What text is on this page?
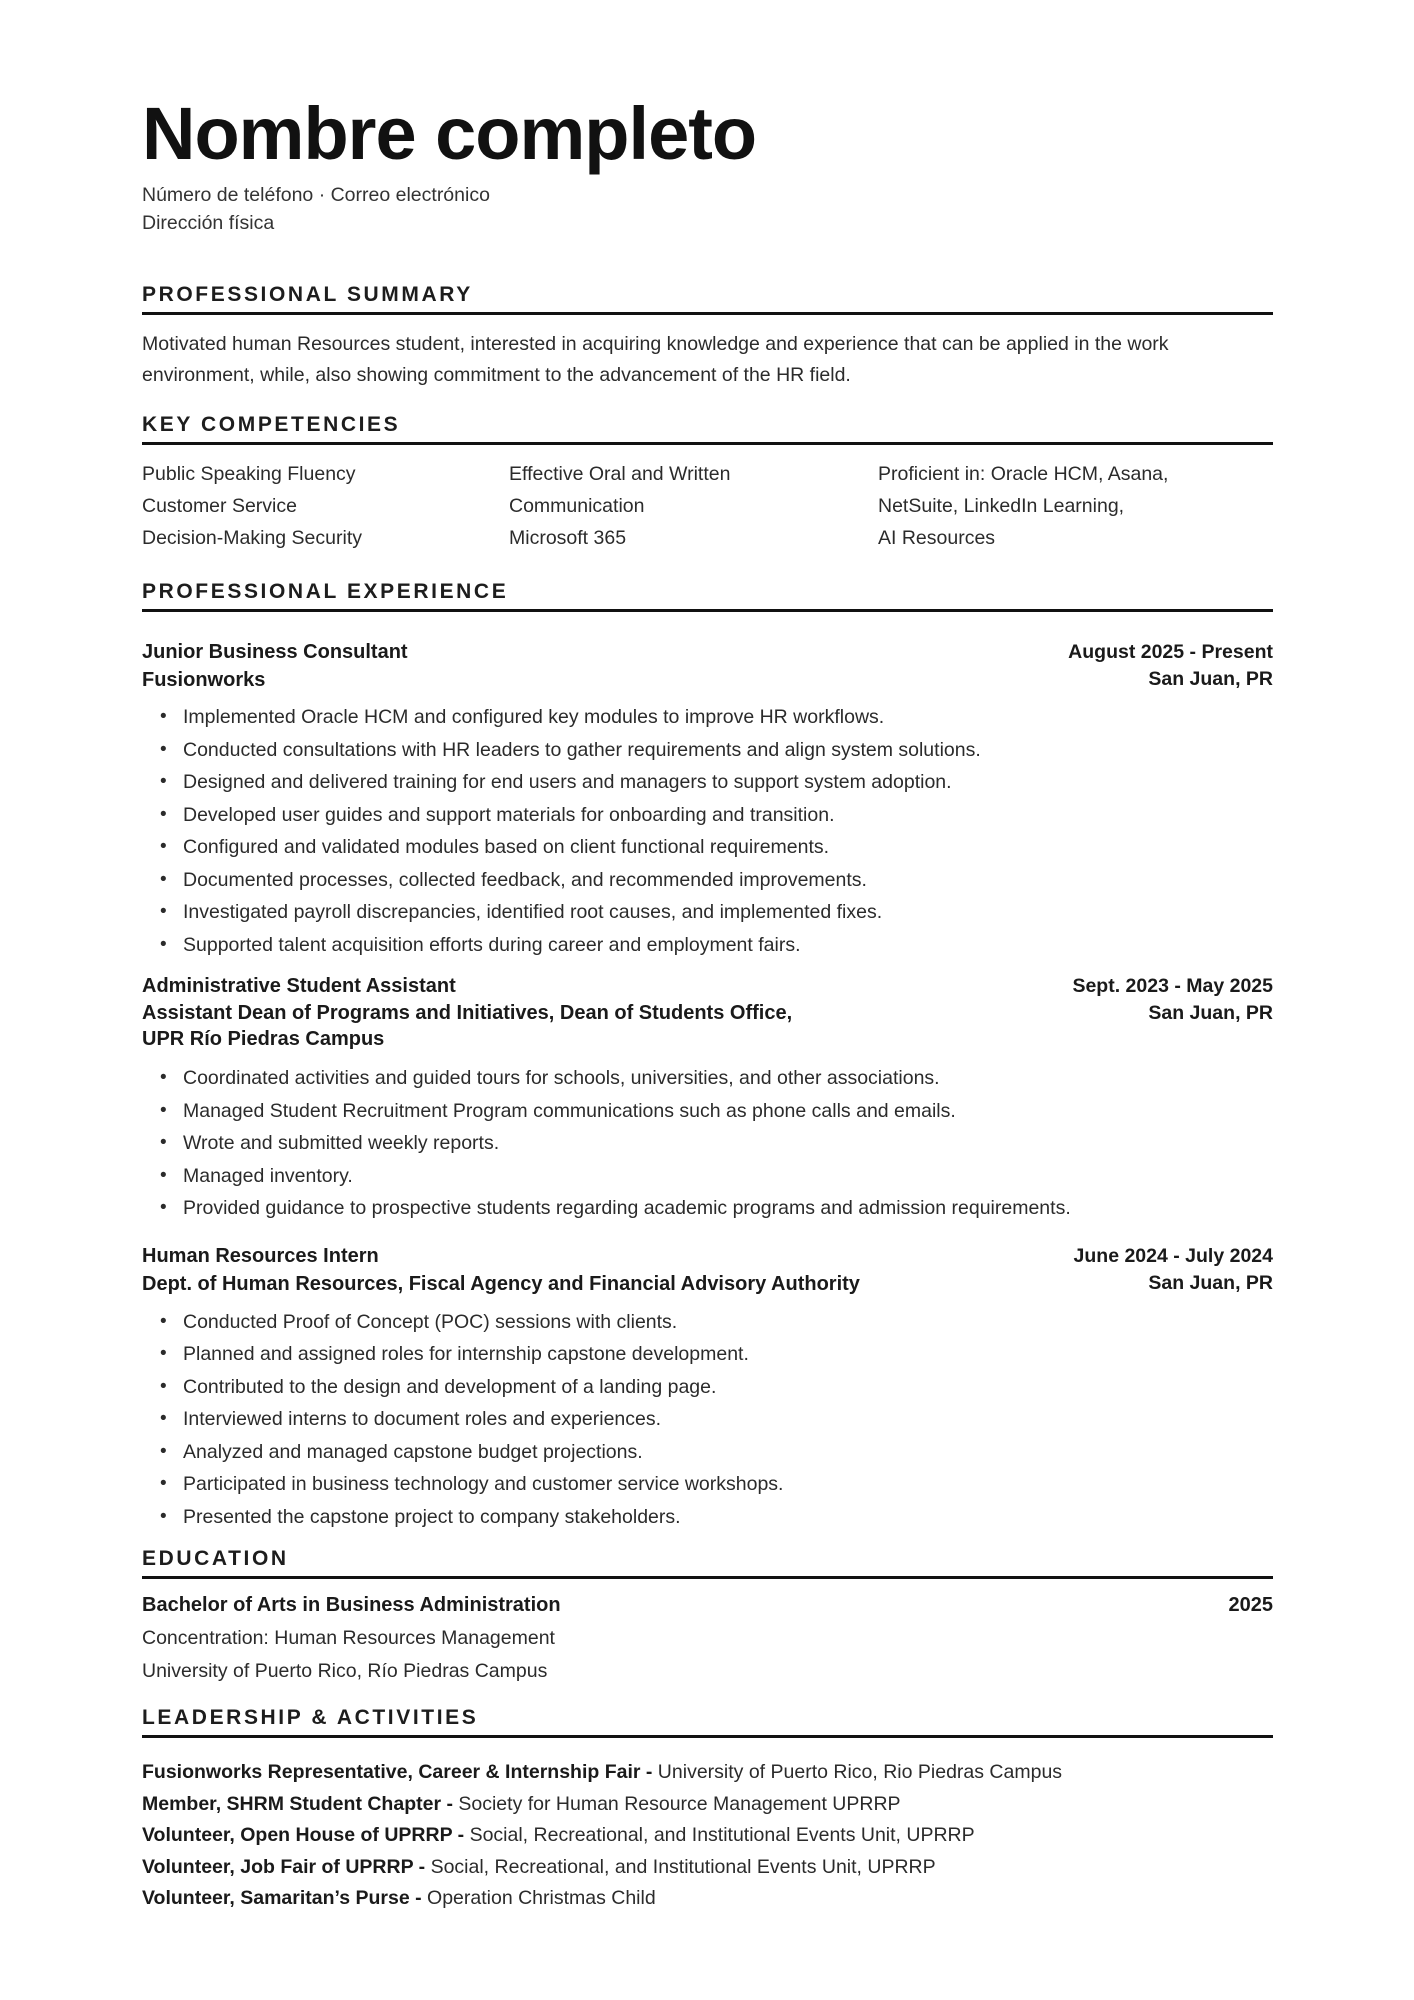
Nombre completo
Número de teléfono · Correo electrónico
Dirección física
PROFESSIONAL SUMMARY

Motivated human Resources student, interested in acquiring knowledge and experience that can be applied in the work environment, while, also showing commitment to the advancement of the HR field.

KEY COMPETENCIES
Public Speaking Fluency
Customer Service
Decision-Making Security
Effective Oral and Written
Communication
Microsoft 365
Proficient in: Oracle HCM, Asana,
NetSuite, LinkedIn Learning,
AI Resources
PROFESSIONAL EXPERIENCE
Junior Business Consultant
Fusionworks
August 2025 - Present
San Juan, PR
• Implemented Oracle HCM and configured key modules to improve HR workflows.
• Conducted consultations with HR leaders to gather requirements and align system solutions.
• Designed and delivered training for end users and managers to support system adoption.
• Developed user guides and support materials for onboarding and transition.
• Configured and validated modules based on client functional requirements.
• Documented processes, collected feedback, and recommended improvements.
• Investigated payroll discrepancies, identified root causes, and implemented fixes.
• Supported talent acquisition efforts during career and employment fairs.
Administrative Student Assistant
Assistant Dean of Programs and Initiatives, Dean of Students Office,
UPR Río Piedras Campus
Sept. 2023 - May 2025
San Juan, PR
• Coordinated activities and guided tours for schools, universities, and other associations.
• Managed Student Recruitment Program communications such as phone calls and emails.
• Wrote and submitted weekly reports.
• Managed inventory.
• Provided guidance to prospective students regarding academic programs and admission requirements.
Human Resources Intern
Dept. of Human Resources, Fiscal Agency and Financial Advisory Authority
June 2024 - July 2024
San Juan, PR
• Conducted Proof of Concept (POC) sessions with clients.
• Planned and assigned roles for internship capstone development.
• Contributed to the design and development of a landing page.
• Interviewed interns to document roles and experiences.
• Analyzed and managed capstone budget projections.
• Participated in business technology and customer service workshops.
• Presented the capstone project to company stakeholders.
EDUCATION
Bachelor of Arts in Business Administration	2025
Concentration: Human Resources Management
University of Puerto Rico, Río Piedras Campus
LEADERSHIP & ACTIVITIES
Fusionworks Representative, Career & Internship Fair - University of Puerto Rico, Rio Piedras Campus
Member, SHRM Student Chapter - Society for Human Resource Management UPRRP
Volunteer, Open House of UPRRP - Social, Recreational, and Institutional Events Unit, UPRRP
Volunteer, Job Fair of UPRRP - Social, Recreational, and Institutional Events Unit, UPRRP
Volunteer, Samaritan’s Purse - Operation Christmas Child
